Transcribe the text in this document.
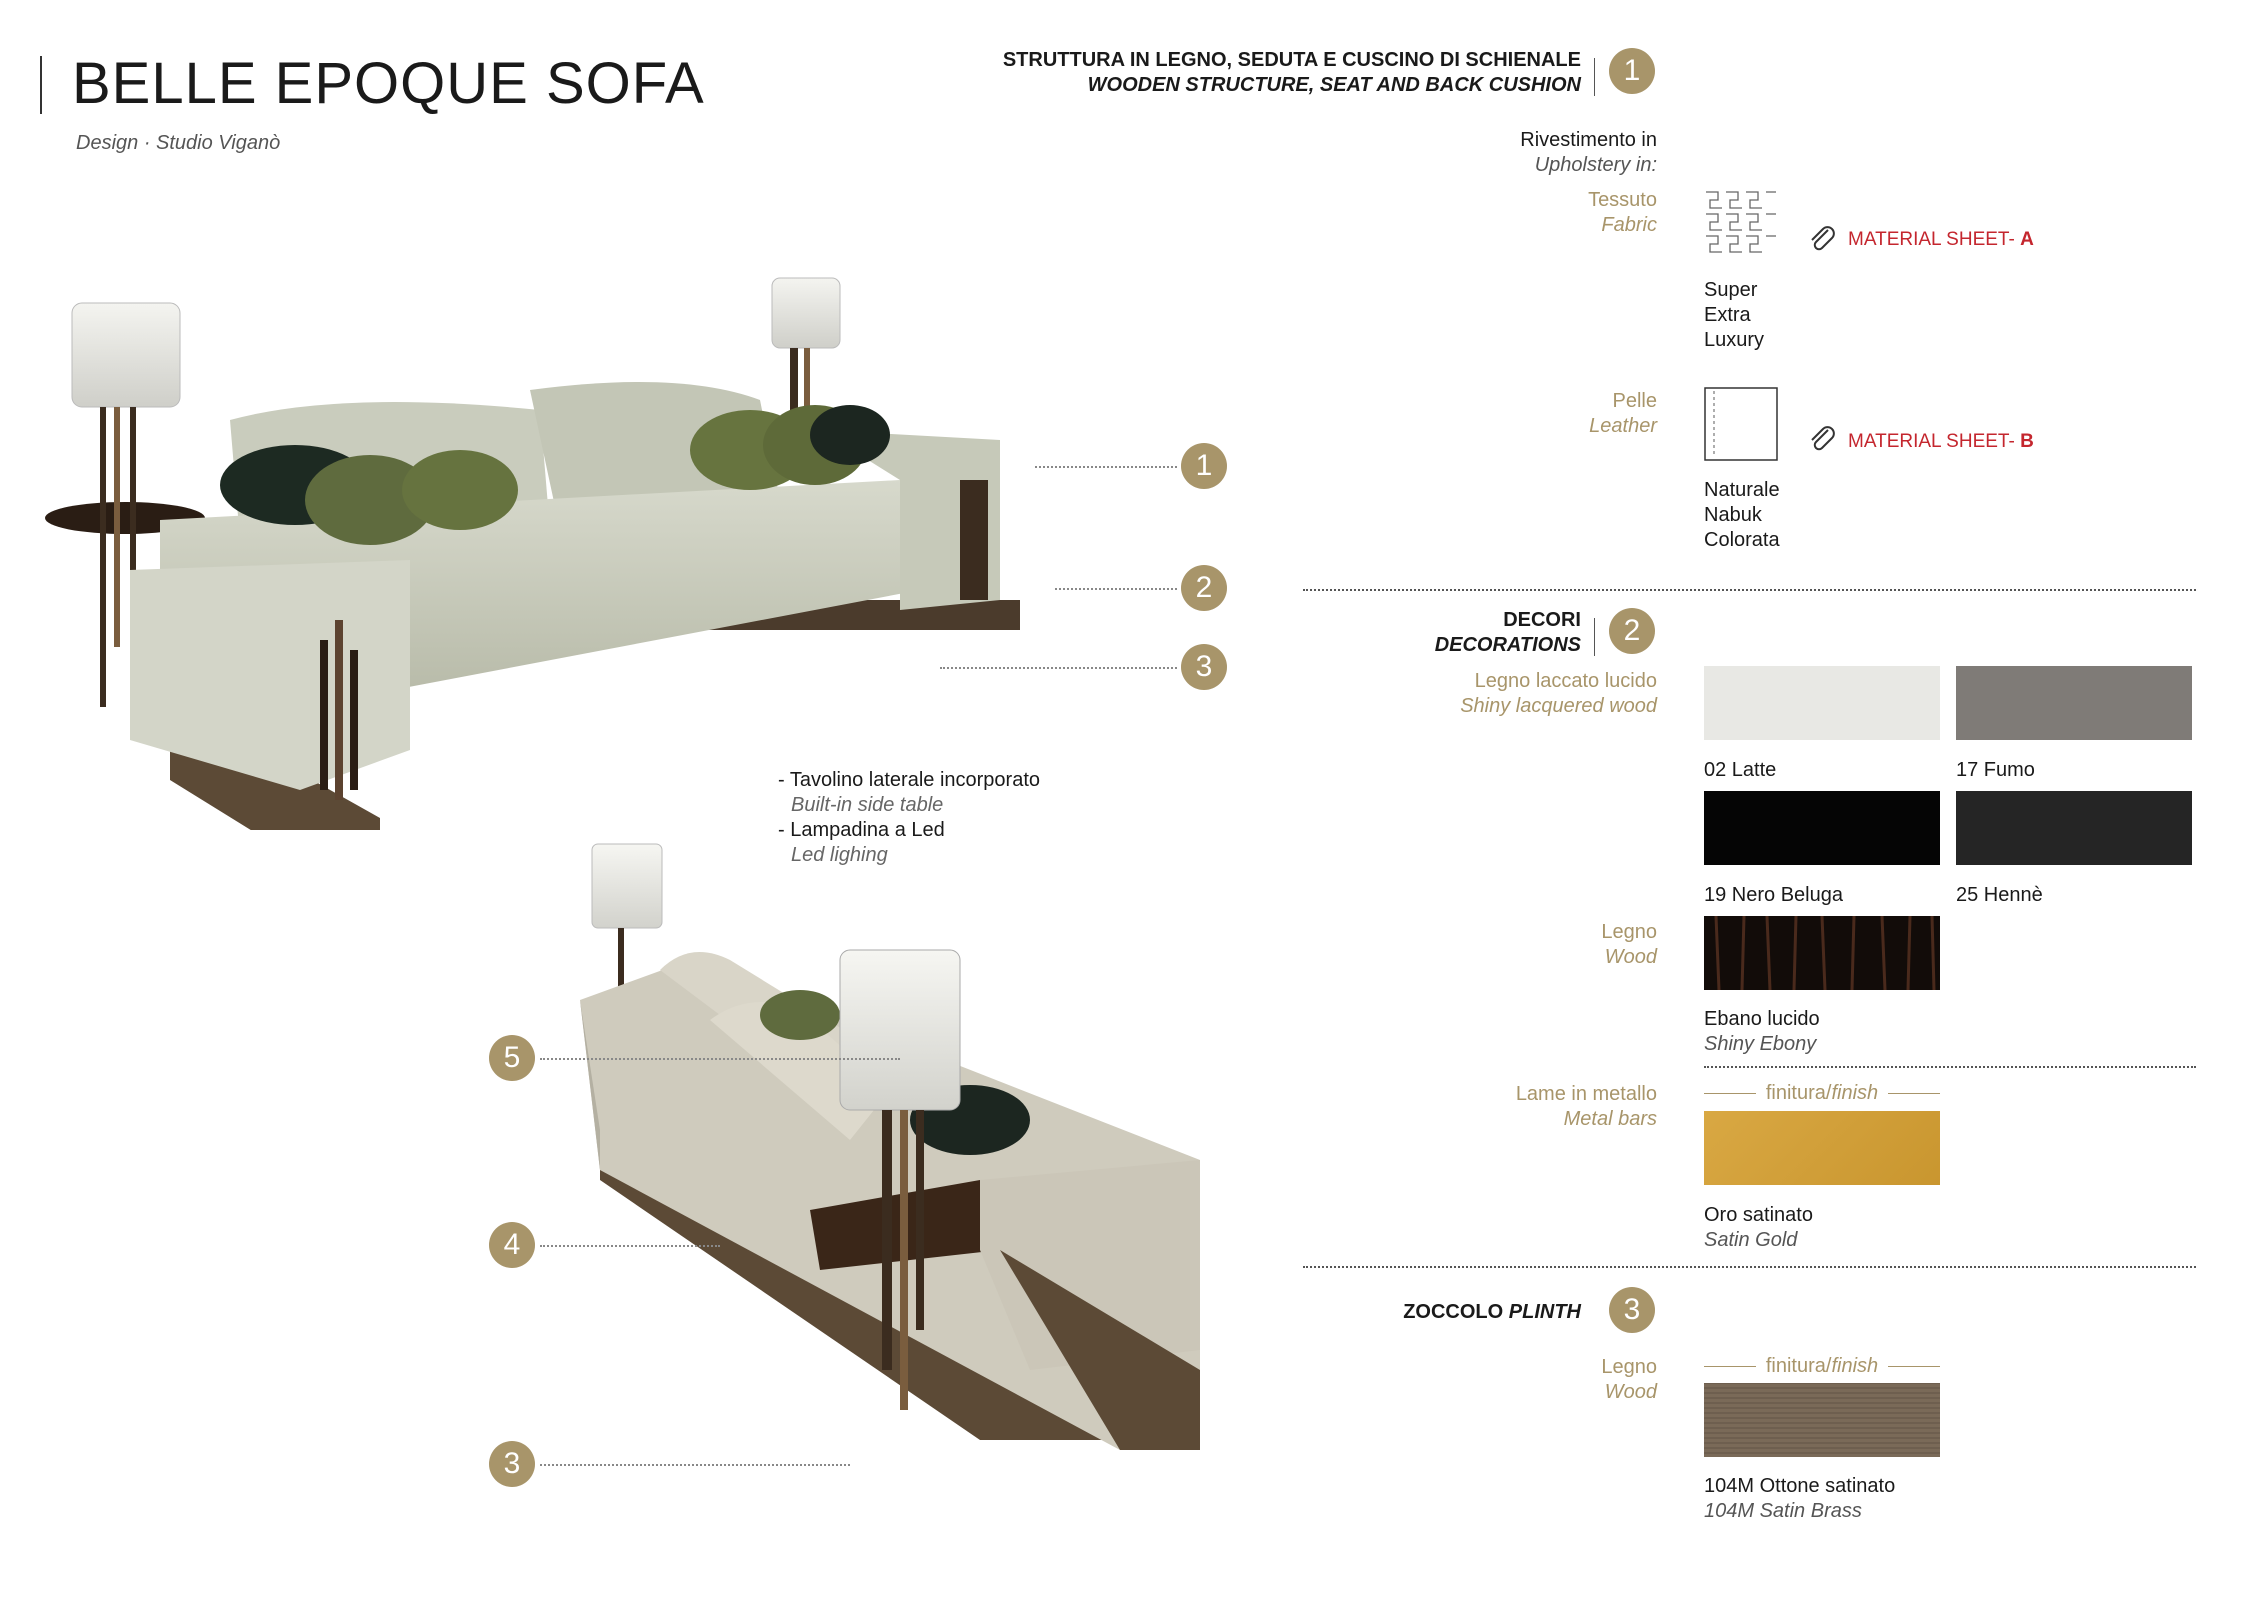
BELLE EPOQUE SOFA
Design · Studio Viganò
1
2
3
- Tavolino laterale incorporato
Built-in side table
- Lampadina a Led
Led lighing
5
4
3
STRUTTURA IN LEGNO, SEDUTA E CUSCINO DI SCHIENALE
WOODEN STRUCTURE, SEAT AND BACK CUSHION	1
Rivestimento in
Upholstery in:
Tessuto
Fabric
Super
Extra
Luxury
MATERIAL SHEET- A
Pelle
Leather
Naturale
Nabuk
Colorata
MATERIAL SHEET- B
DECORI
DECORATIONS	2
Legno laccato lucido
Shiny lacquered wood
02 Latte	17 Fumo
19 Nero Beluga	25 Hennè
Legno
Wood
Ebano lucido
Shiny Ebony
Lame in metallo
Metal bars
finitura/finish
Oro satinato
Satin Gold
ZOCCOLO PLINTH	3
Legno
Wood
finitura/finish
104M Ottone satinato
104M Satin Brass
